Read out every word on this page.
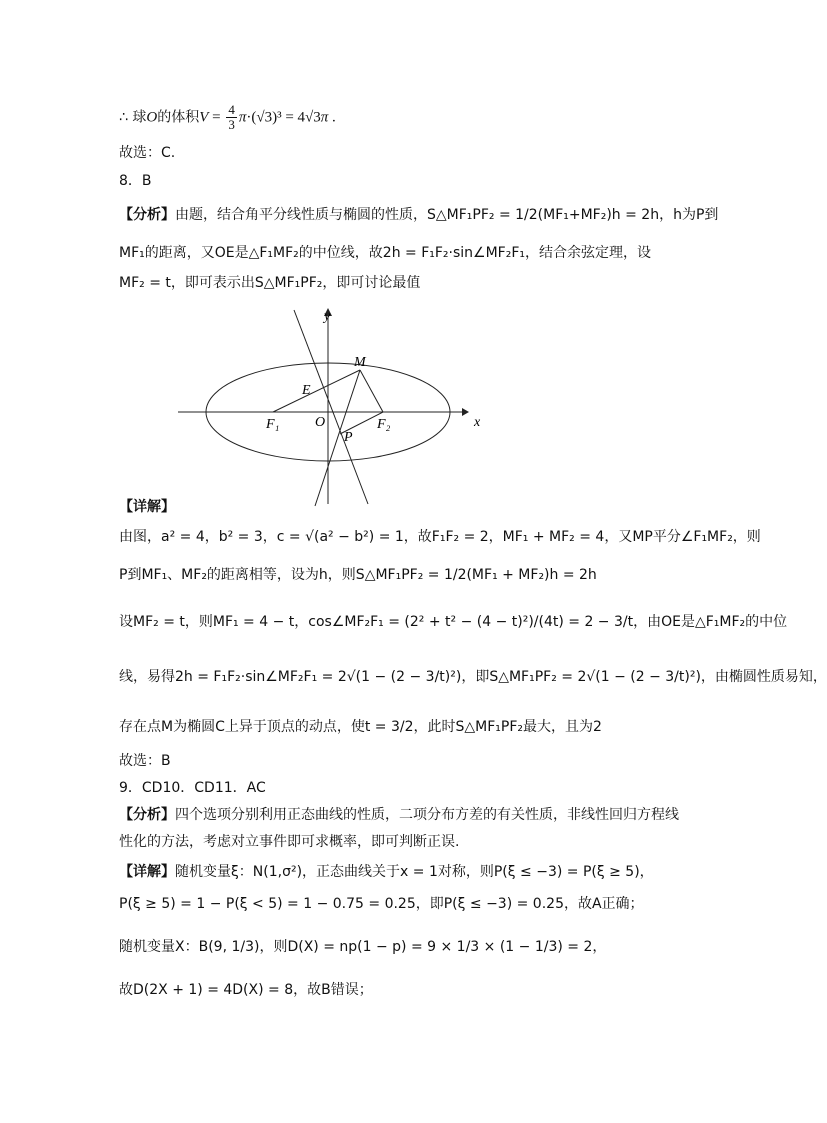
∴ 球O的体积$V = \frac{4}{3} \pi\cdot(√3)^3 = 4√3\pi$ .
故选：C.
8．B
【分析】由题，结合角平分线性质与椭圆的性质，S△MF₁PF₂ = 1/2(MF₁+MF₂)h = 2h，h为P到
MF₁的距离，又OE是△F₁MF₂的中位线，故2h = F₁F₂·sin∠MF₂F₁，结合余弦定理，设
MF₂ = t，即可表示出S△MF₁PF₂，即可讨论最值
y
x
M
E
F₁	O
P
F₂
【详解】
由图，a² = 4，b² = 3，c = √(a² − b²) = 1，故F₁F₂ = 2，MF₁ + MF₂ = 4，又MP平分∠F₁MF₂，则
P到MF₁、MF₂的距离相等，设为h，则S△MF₁PF₂ = 1/2(MF₁ + MF₂)h = 2h
设MF₂ = t，则MF₁ = 4 − t，cos∠MF₂F₁ = (2² + t² − (4 − t)²)/(4t) = 2 − 3/t，由OE是△F₁MF₂的中位
线，易得2h = F₁F₂·sin∠MF₂F₁ = 2√(1 − (2 − 3/t)²)，即S△MF₁PF₂ = 2√(1 − (2 − 3/t)²)，由椭圆性质易知，
存在点M为椭圆C上异于顶点的动点，使t = 3/2，此时S△MF₁PF₂最大，且为2
故选：B
9．CD10．CD11．AC
【分析】四个选项分别利用正态曲线的性质，二项分布方差的有关性质，非线性回归方程线
性化的方法，考虑对立事件即可求概率，即可判断正误.
【详解】随机变量ξ：N(1,σ²)，正态曲线关于x = 1对称，则P(ξ ≤ −3) = P(ξ ≥ 5)，
P(ξ ≥ 5) = 1 − P(ξ < 5) = 1 − 0.75 = 0.25，即P(ξ ≤ −3) = 0.25，故A正确；
随机变量X：B(9, 1/3)，则D(X) = np(1 − p) = 9 × 1/3 × (1 − 1/3) = 2，
故D(2X + 1) = 4D(X) = 8，故B错误；
